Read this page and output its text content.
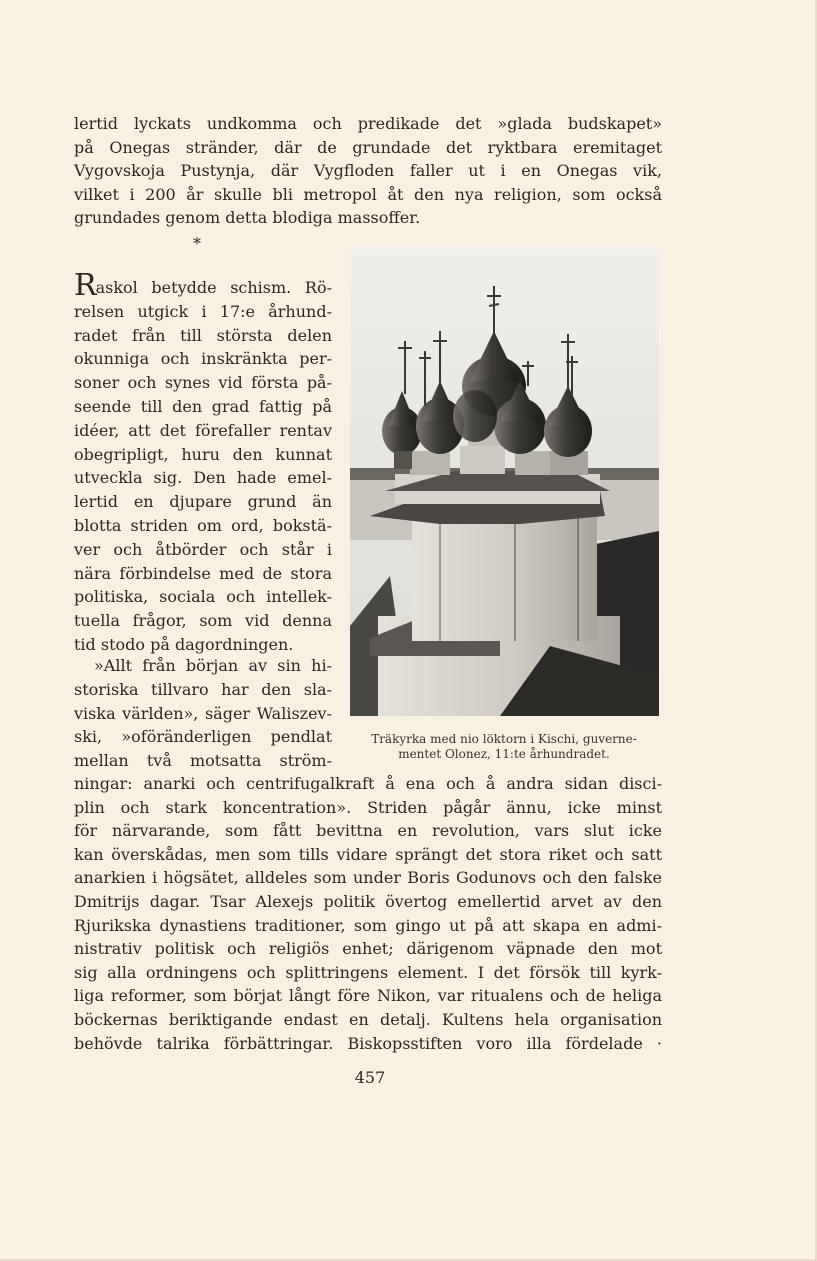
lertid lyckats undkomma och predikade det »glada budskapet»
på Onegas stränder, där de grundade det ryktbara eremitaget
Vygovskoja Pustynja, där Vygfloden faller ut i en Onegas vik,
vilket i 200 år skulle bli metropol åt den nya religion, som också
grundades genom detta blodiga massoffer.
*
Raskol betydde schism. Rö-
relsen utgick i 17:e århund-
radet från till största delen
okunniga och inskränkta per-
soner och synes vid första på-
seende till den grad fattig på
idéer, att det förefaller rentav
obegripligt, huru den kunnat
utveckla sig. Den hade emel-
lertid en djupare grund än
blotta striden om ord, bokstä-
ver och åtbörder och står i
nära förbindelse med de stora
politiska, sociala och intellek-
tuella frågor, som vid denna
tid stodo på dagordningen.
»Allt från början av sin hi-
storiska tillvaro har den sla-
viska världen», säger Waliszev-
ski, »oföränderligen pendlat
mellan två motsatta ström-
Träkyrka med nio löktorn i Kischi, guverne-
mentet Olonez, 11:te århundradet.
ningar: anarki och centrifugalkraft å ena och å andra sidan disci-
plin och stark koncentration». Striden pågår ännu, icke minst
för närvarande, som fått bevittna en revolution, vars slut icke
kan överskådas, men som tills vidare sprängt det stora riket och satt
anarkien i högsätet, alldeles som under Boris Godunovs och den falske
Dmitrijs dagar. Tsar Alexejs politik övertog emellertid arvet av den
Rjurikska dynastiens traditioner, som gingo ut på att skapa en admi-
nistrativ politisk och religiös enhet; därigenom väpnade den mot
sig alla ordningens och splittringens element. I det försök till kyrk-
liga reformer, som börjat långt före Nikon, var ritualens och de heliga
böckernas beriktigande endast en detalj. Kultens hela organisation
behövde talrika förbättringar. Biskopsstiften voro illa fördelade ·
457
